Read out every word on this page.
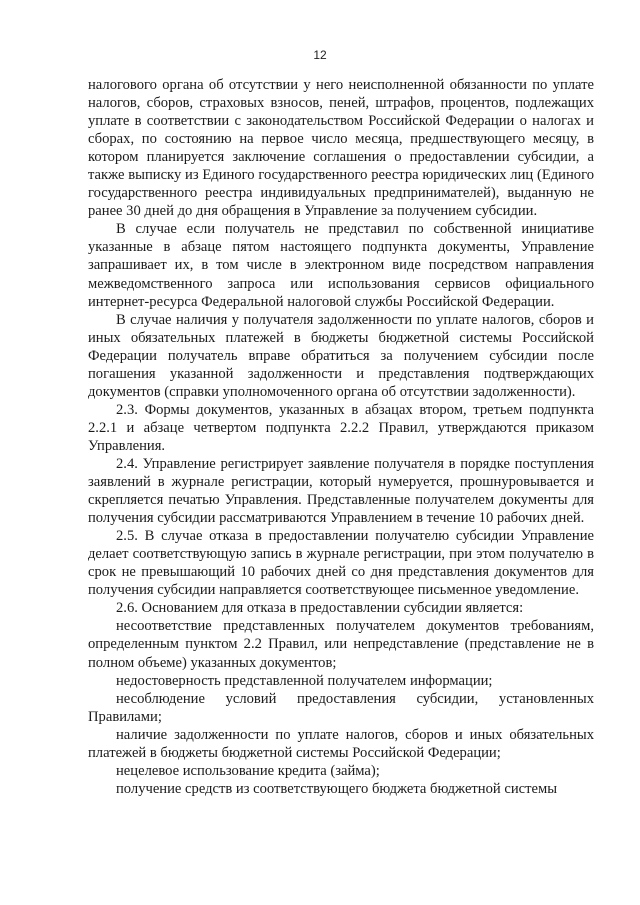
12

налогового органа об отсутствии у него неисполненной обязанности по уплате налогов, сборов, страховых взносов, пеней, штрафов, процентов, подлежащих уплате в соответствии с законодательством Российской Федерации о налогах и сборах, по состоянию на первое число месяца, предшествующего месяцу, в котором планируется заключение соглашения о предоставлении субсидии, а также выписку из Единого государственного реестра юридических лиц (Единого государственного реестра индивидуальных предпринимателей), выданную не ранее 30 дней до дня обращения в Управление за получением субсидии.

В случае если получатель не представил по собственной инициативе указанные в абзаце пятом настоящего подпункта документы, Управление запрашивает их, в том числе в электронном виде посредством направления межведомственного запроса или использования сервисов официального интернет-ресурса Федеральной налоговой службы Российской Федерации.

В случае наличия у получателя задолженности по уплате налогов, сборов и иных обязательных платежей в бюджеты бюджетной системы Российской Федерации получатель вправе обратиться за получением субсидии после погашения указанной задолженности и представления подтверждающих документов (справки уполномоченного органа об отсутствии задолженности).

2.3. Формы документов, указанных в абзацах втором, третьем подпункта 2.2.1 и абзаце четвертом подпункта 2.2.2 Правил, утверждаются приказом Управления.

2.4. Управление регистрирует заявление получателя в порядке поступления заявлений в журнале регистрации, который нумеруется, прошнуровывается и скрепляется печатью Управления. Представленные получателем документы для получения субсидии рассматриваются Управлением в течение 10 рабочих дней.

2.5. В случае отказа в предоставлении получателю субсидии Управление делает соответствующую запись в журнале регистрации, при этом получателю в срок не превышающий 10 рабочих дней со дня представления документов для получения субсидии направляется соответствующее письменное уведомление.

2.6. Основанием для отказа в предоставлении субсидии является:

несоответствие представленных получателем документов требованиям, определенным пунктом 2.2 Правил, или непредставление (представление не в полном объеме) указанных документов;

недостоверность представленной получателем информации;

несоблюдение условий предоставления субсидии, установленных Правилами;

наличие задолженности по уплате налогов, сборов и иных обязательных платежей в бюджеты бюджетной системы Российской Федерации;

нецелевое использование кредита (займа);

получение средств из соответствующего бюджета бюджетной системы
